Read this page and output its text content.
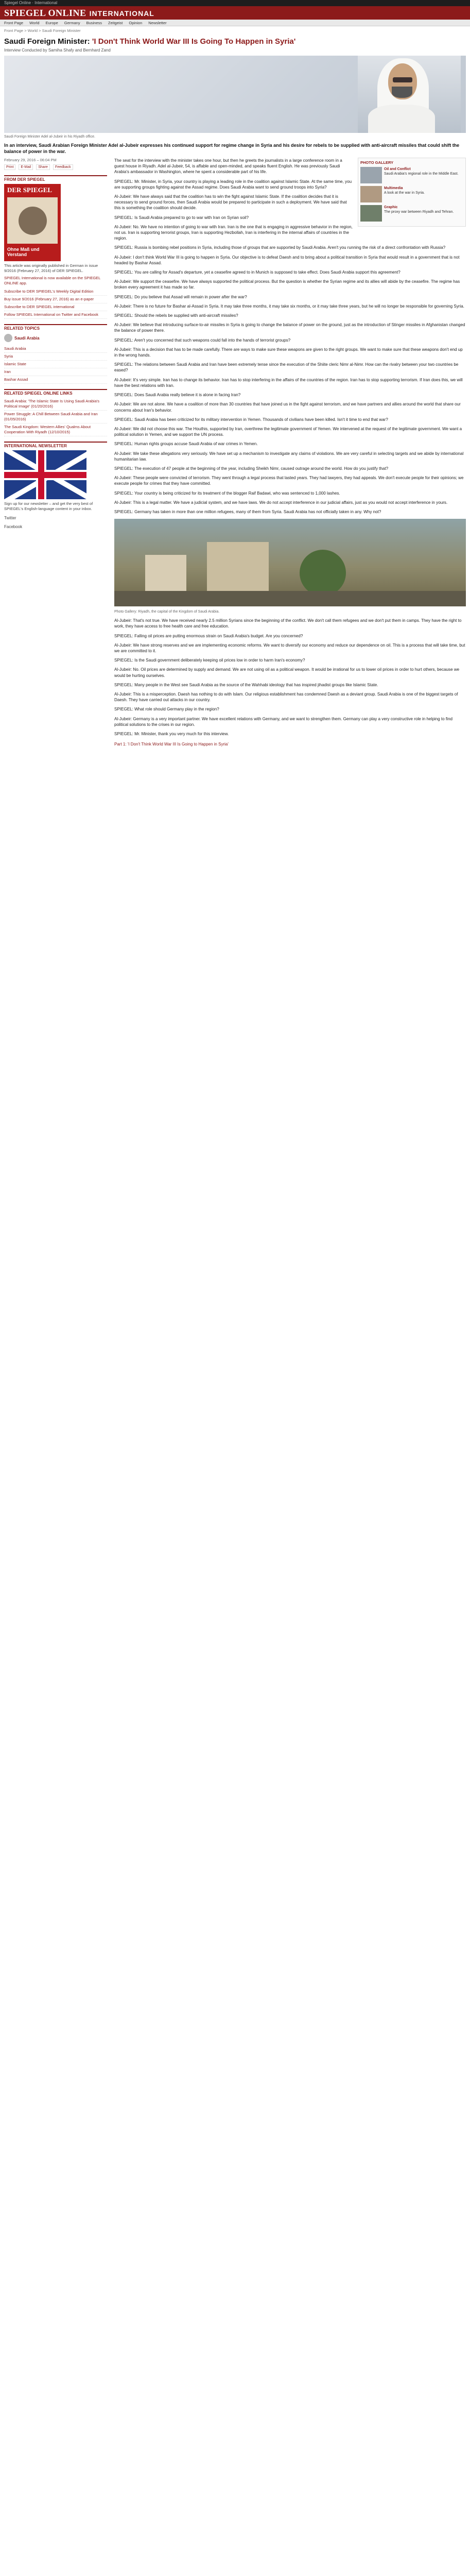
Spiegel Online · International
SPIEGEL ONLINE INTERNATIONAL
Front Page World Europe Germany Business Zeitgeist Opinion Newsletter
Front Page > World > Saudi Foreign Minister
Saudi Foreign Minister: 'I Don't Think World War III Is Going To Happen in Syria'
Interview Conducted by Samiha Shafy and Bernhard Zand
Saudi Foreign Minister Adel al-Jubeir in his Riyadh office.
In an interview, Saudi Arabian Foreign Minister Adel al-Jubeir expresses his continued support for regime change in Syria and his desire for rebels to be supplied with anti-aircraft missiles that could shift the balance of power in the war.
February 29, 2016 – 06:04 PM
Print	E-Mail	Share	Feedback
FROM DER SPIEGEL
DER SPIEGEL
Ohne Maß und Verstand
This article was originally published in German in issue 9/2016 (February 27, 2016) of DER SPIEGEL.
SPIEGEL International is now available on the SPIEGEL ONLINE app.
Subscribe to DER SPIEGEL's Weekly Digital Edition
Buy issue 9/2016 (February 27, 2016) as an e-paper
Subscribe to DER SPIEGEL international
Follow SPIEGEL International on Twitter and Facebook
RELATED TOPICS
Saudi Arabia
Saudi Arabia
Syria
Islamic State
Iran
Bashar Assad
RELATED SPIEGEL ONLINE LINKS
Saudi Arabia: 'The Islamic State Is Using Saudi Arabia's Political Image' (01/20/2016)
Power Struggle: A Chill Between Saudi Arabia and Iran (01/05/2016)
The Saudi Kingdom: Western Allies' Qualms About Cooperation With Riyadh (12/10/2015)
INTERNATIONAL NEWSLETTER
Sign up for our newsletter – and get the very best of SPIEGEL's English-language content in your inbox.
Twitter
Facebook
PHOTO GALLERY
Oil and Conflict
Saudi Arabia's regional role in the Middle East.
Multimedia
A look at the war in Syria.
Graphic
The proxy war between Riyadh and Tehran.

The seat for the interview with the minister takes one hour, but then he greets the journalists in a large conference room in a guest house in Riyadh. Adel al-Jubeir, 54, is affable and open-minded, and speaks fluent English. He was previously Saudi Arabia's ambassador in Washington, where he spent a considerable part of his life.

SPIEGEL: Mr. Minister, in Syria, your country is playing a leading role in the coalition against Islamic State. At the same time, you are supporting groups fighting against the Assad regime. Does Saudi Arabia want to send ground troops into Syria?

Al-Jubeir: We have always said that the coalition has to win the fight against Islamic State. If the coalition decides that it is necessary to send ground forces, then Saudi Arabia would be prepared to participate in such a deployment. We have said that this is something the coalition should decide.

SPIEGEL: Is Saudi Arabia prepared to go to war with Iran on Syrian soil?

Al-Jubeir: No. We have no intention of going to war with Iran. Iran is the one that is engaging in aggressive behavior in the region, not us. Iran is supporting terrorist groups, Iran is supporting Hezbollah, Iran is interfering in the internal affairs of countries in the region.

SPIEGEL: Russia is bombing rebel positions in Syria, including those of groups that are supported by Saudi Arabia. Aren't you running the risk of a direct confrontation with Russia?

Al-Jubeir: I don't think World War III is going to happen in Syria. Our objective is to defeat Daesh and to bring about a political transition in Syria that would result in a government that is not headed by Bashar Assad.

SPIEGEL: You are calling for Assad's departure, yet a ceasefire agreed to in Munich is supposed to take effect. Does Saudi Arabia support this agreement?

Al-Jubeir: We support the ceasefire. We have always supported the political process. But the question is whether the Syrian regime and its allies will abide by the ceasefire. The regime has broken every agreement it has made so far.

SPIEGEL: Do you believe that Assad will remain in power after the war?

Al-Jubeir: There is no future for Bashar al-Assad in Syria. It may take three months, it may take six months, or it may take three years, but he will no longer be responsible for governing Syria.

SPIEGEL: Should the rebels be supplied with anti-aircraft missiles?

Al-Jubeir: We believe that introducing surface-to-air missiles in Syria is going to change the balance of power on the ground, just as the introduction of Stinger missiles in Afghanistan changed the balance of power there.

SPIEGEL: Aren't you concerned that such weapons could fall into the hands of terrorist groups?

Al-Jubeir: This is a decision that has to be made carefully. There are ways to make sure these weapons are given to the right groups. We want to make sure that these weapons don't end up in the wrong hands.

SPIEGEL: The relations between Saudi Arabia and Iran have been extremely tense since the execution of the Shiite cleric Nimr al-Nimr. How can the rivalry between your two countries be eased?

Al-Jubeir: It's very simple. Iran has to change its behavior. Iran has to stop interfering in the affairs of the countries of the region. Iran has to stop supporting terrorism. If Iran does this, we will have the best relations with Iran.

SPIEGEL: Does Saudi Arabia really believe it is alone in facing Iran?

Al-Jubeir: We are not alone. We have a coalition of more than 30 countries that have joined us in the fight against terrorism, and we have partners and allies around the world that share our concerns about Iran's behavior.

SPIEGEL: Saudi Arabia has been criticized for its military intervention in Yemen. Thousands of civilians have been killed. Isn't it time to end that war?

Al-Jubeir: We did not choose this war. The Houthis, supported by Iran, overthrew the legitimate government of Yemen. We intervened at the request of the legitimate government. We want a political solution in Yemen, and we support the UN process.

SPIEGEL: Human rights groups accuse Saudi Arabia of war crimes in Yemen.

Al-Jubeir: We take these allegations very seriously. We have set up a mechanism to investigate any claims of violations. We are very careful in selecting targets and we abide by international humanitarian law.

SPIEGEL: The execution of 47 people at the beginning of the year, including Sheikh Nimr, caused outrage around the world. How do you justify that?

Al-Jubeir: These people were convicted of terrorism. They went through a legal process that lasted years. They had lawyers, they had appeals. We don't execute people for their opinions; we execute people for crimes that they have committed.

SPIEGEL: Your country is being criticized for its treatment of the blogger Raif Badawi, who was sentenced to 1,000 lashes.

Al-Jubeir: This is a legal matter. We have a judicial system, and we have laws. We do not accept interference in our judicial affairs, just as you would not accept interference in yours.

SPIEGEL: Germany has taken in more than one million refugees, many of them from Syria. Saudi Arabia has not officially taken in any. Why not?

Photo Gallery: Riyadh, the capital of the Kingdom of Saudi Arabia.

Al-Jubeir: That's not true. We have received nearly 2.5 million Syrians since the beginning of the conflict. We don't call them refugees and we don't put them in camps. They have the right to work, they have access to free health care and free education.

SPIEGEL: Falling oil prices are putting enormous strain on Saudi Arabia's budget. Are you concerned?

Al-Jubeir: We have strong reserves and we are implementing economic reforms. We want to diversify our economy and reduce our dependence on oil. This is a process that will take time, but we are committed to it.

SPIEGEL: Is the Saudi government deliberately keeping oil prices low in order to harm Iran's economy?

Al-Jubeir: No. Oil prices are determined by supply and demand. We are not using oil as a political weapon. It would be irrational for us to lower oil prices in order to hurt others, because we would be hurting ourselves.

SPIEGEL: Many people in the West see Saudi Arabia as the source of the Wahhabi ideology that has inspired jihadist groups like Islamic State.

Al-Jubeir: This is a misperception. Daesh has nothing to do with Islam. Our religious establishment has condemned Daesh as a deviant group. Saudi Arabia is one of the biggest targets of Daesh. They have carried out attacks in our country.

SPIEGEL: What role should Germany play in the region?

Al-Jubeir: Germany is a very important partner. We have excellent relations with Germany, and we want to strengthen them. Germany can play a very constructive role in helping to find political solutions to the crises in our region.

SPIEGEL: Mr. Minister, thank you very much for this interview.

Part 1: 'I Don't Think World War III Is Going to Happen in Syria'
